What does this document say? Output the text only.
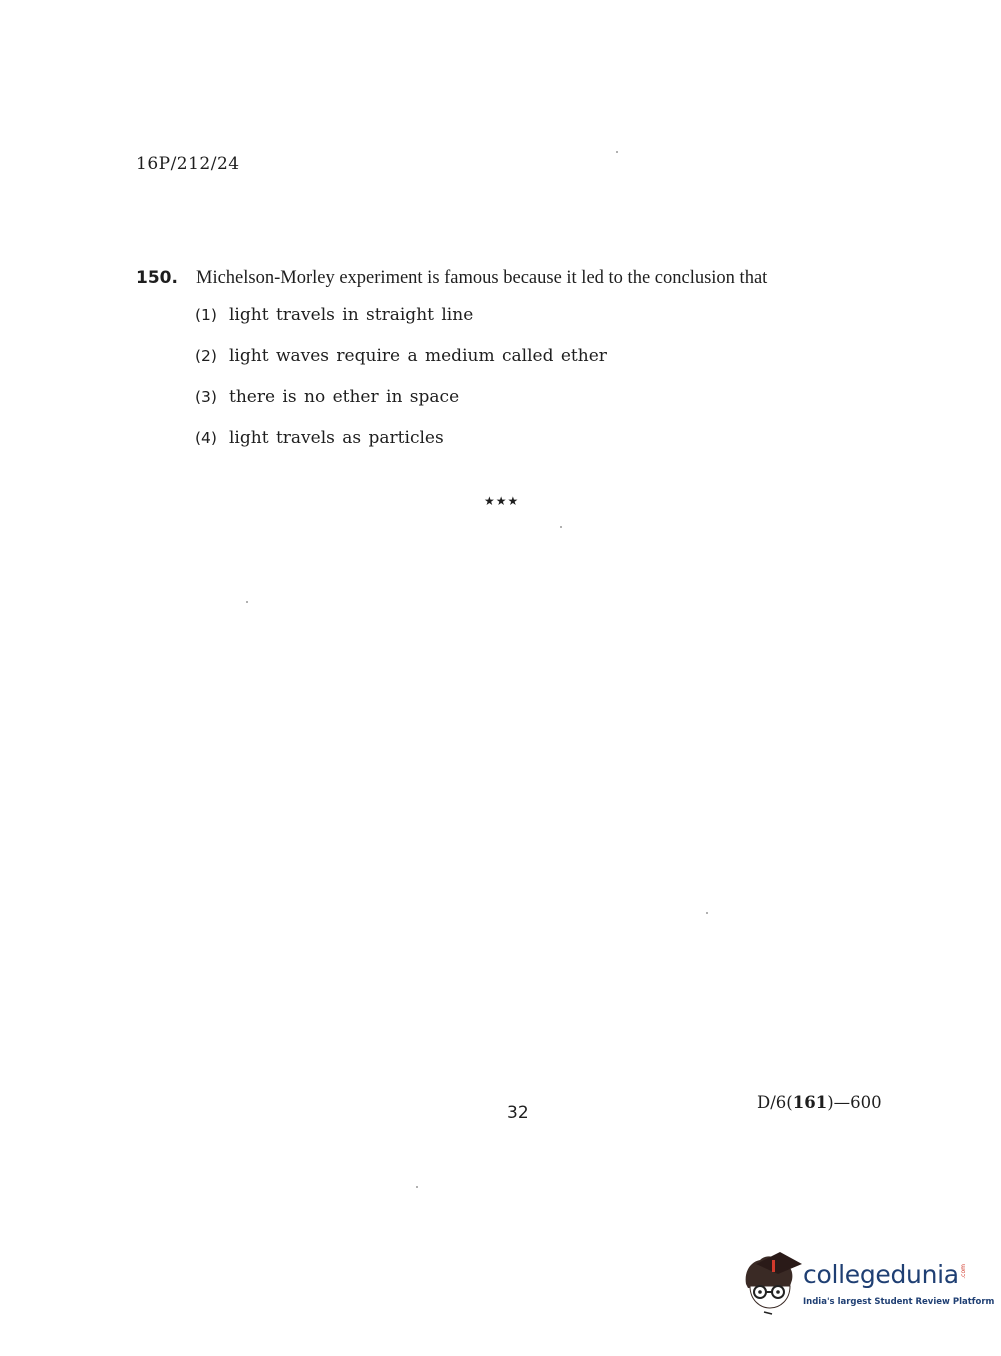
16P/212/24
150. Michelson-Morley experiment is famous because it led to the conclusion that
(1) light travels in straight line
(2) light waves require a medium called ether
(3) there is no ether in space
(4) light travels as particles
★★★
32
D/6(161)—600
collegedunia .com
India's largest Student Review Platform
